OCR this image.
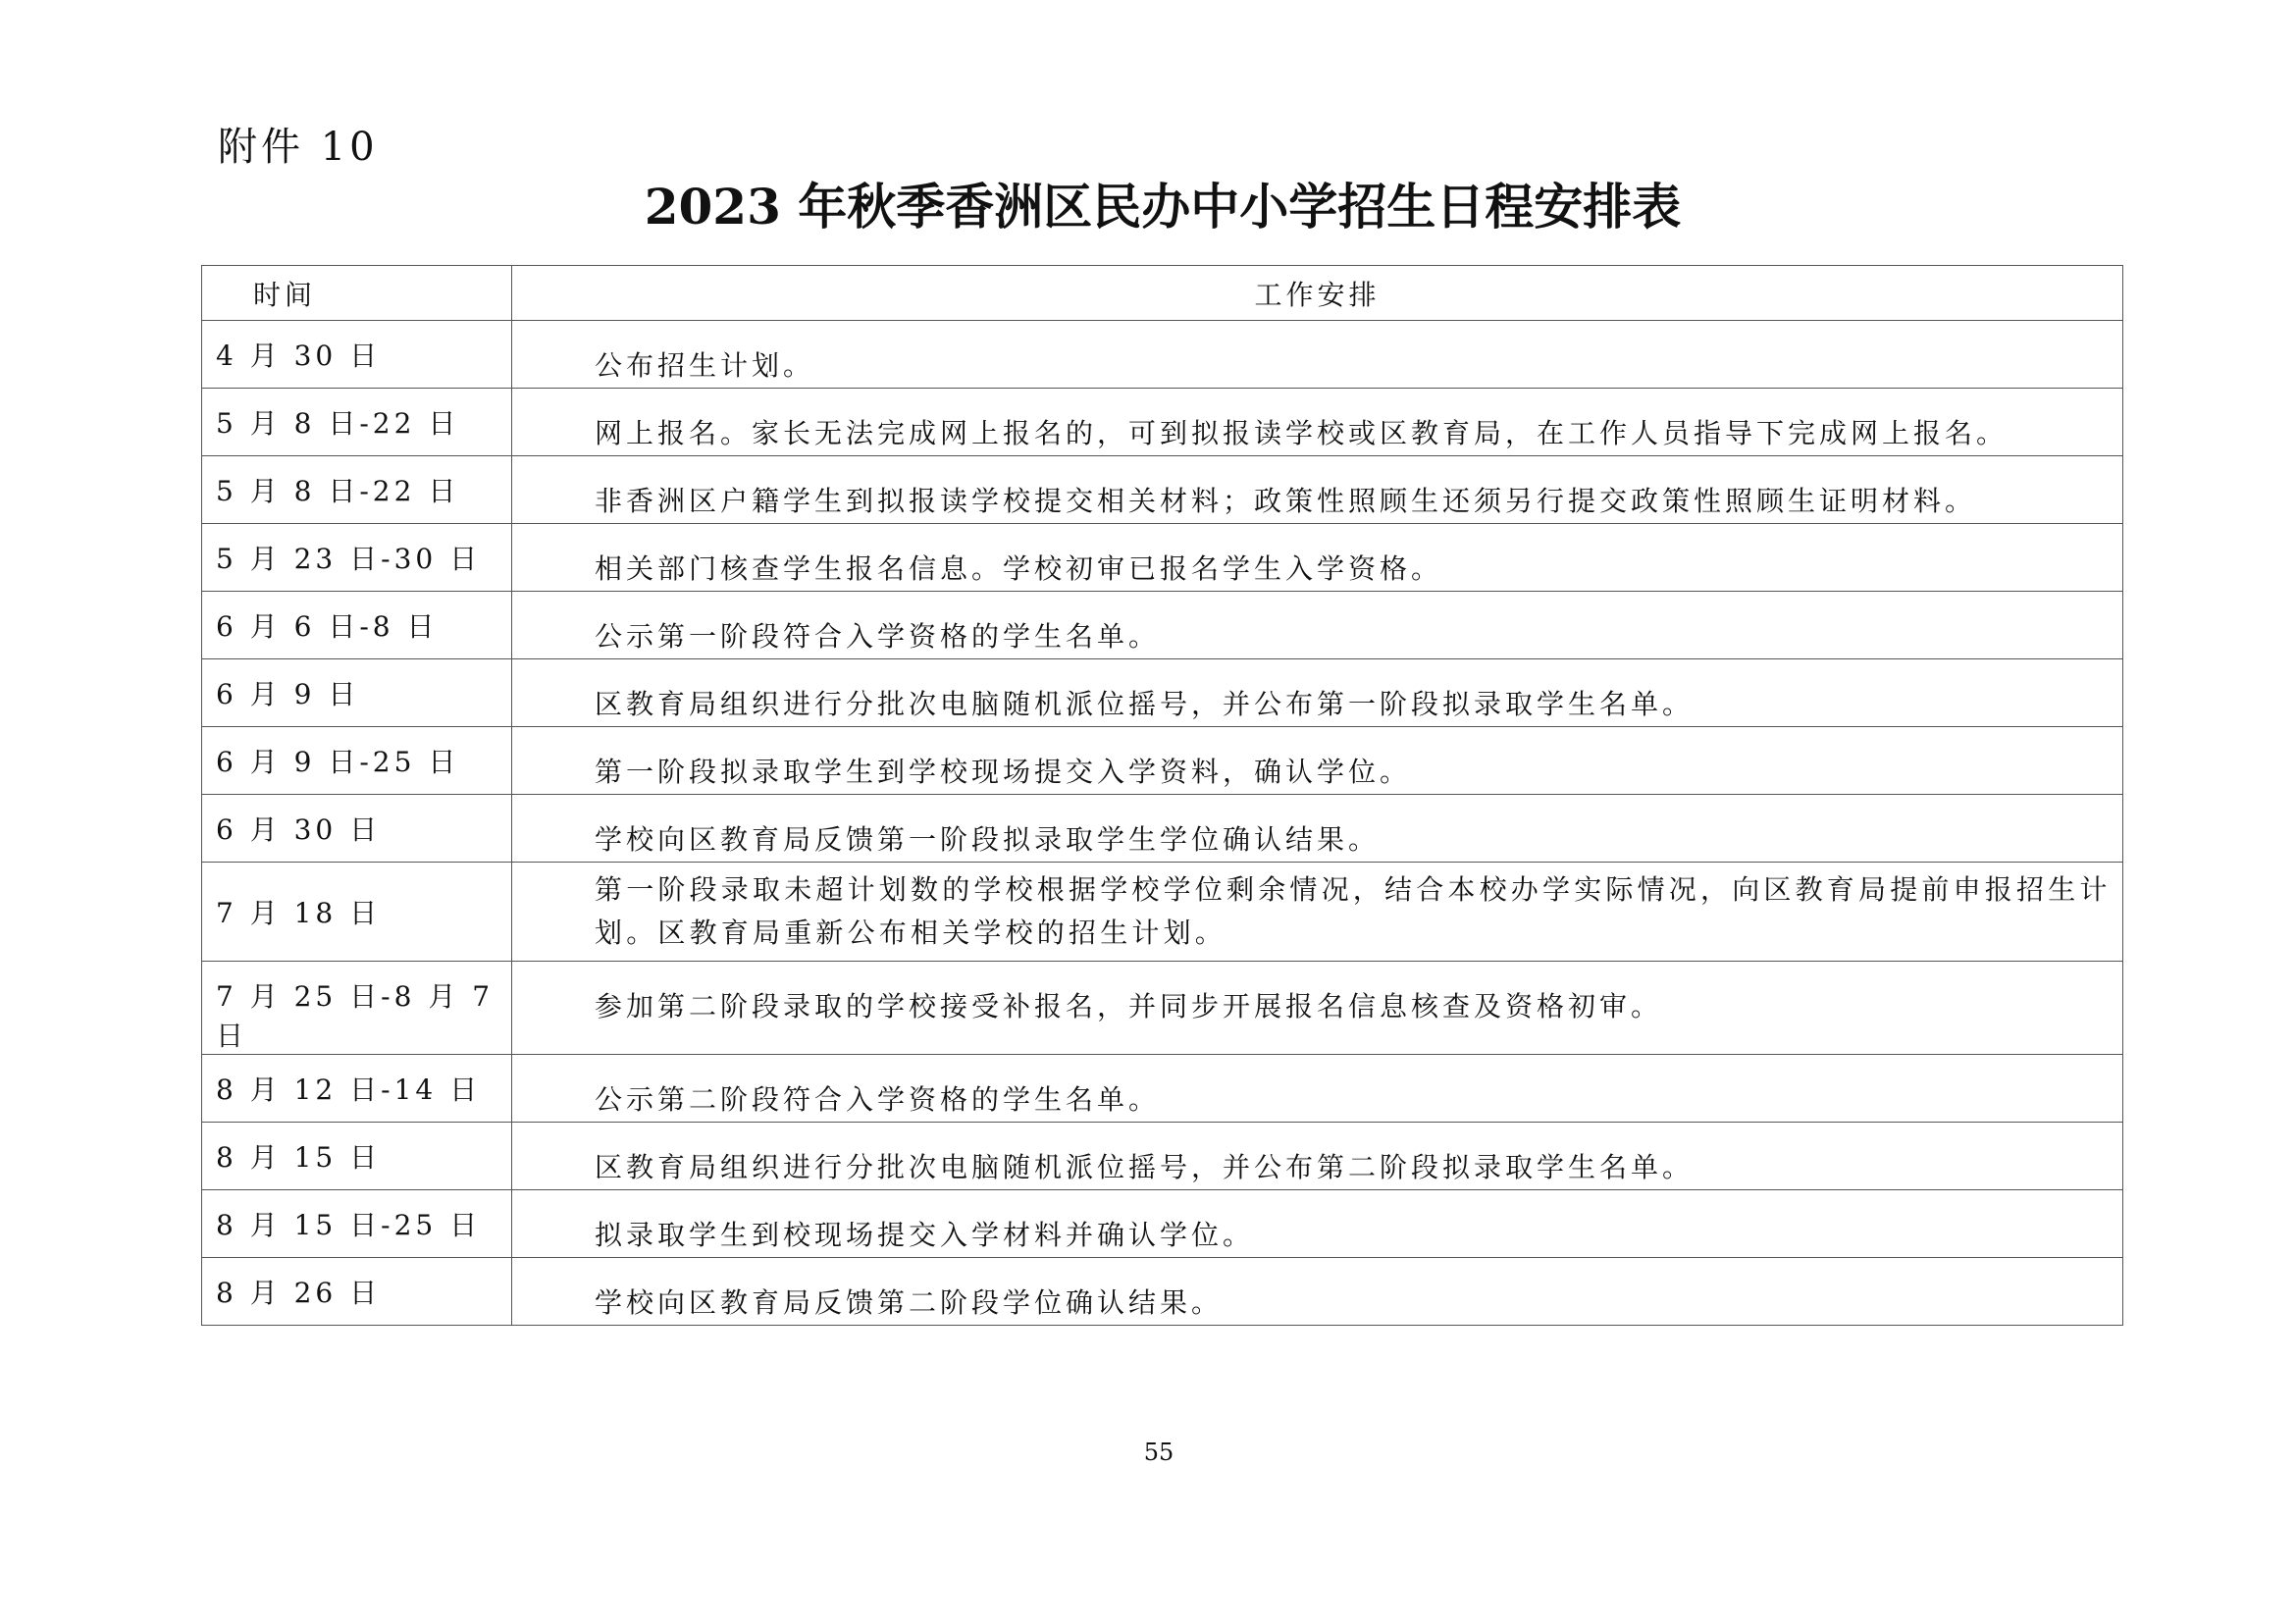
附件 10
2023 年秋季香洲区民办中小学招生日程安排表
时间	工作安排
4 月 30 日	公布招生计划。
5 月 8 日-22 日	网上报名。家长无法完成网上报名的，可到拟报读学校或区教育局，在工作人员指导下完成网上报名。
5 月 8 日-22 日	非香洲区户籍学生到拟报读学校提交相关材料；政策性照顾生还须另行提交政策性照顾生证明材料。
5 月 23 日-30 日	相关部门核查学生报名信息。学校初审已报名学生入学资格。
6 月 6 日-8 日	公示第一阶段符合入学资格的学生名单。
6 月 9 日	区教育局组织进行分批次电脑随机派位摇号，并公布第一阶段拟录取学生名单。
6 月 9 日-25 日	第一阶段拟录取学生到学校现场提交入学资料，确认学位。
6 月 30 日	学校向区教育局反馈第一阶段拟录取学生学位确认结果。
7 月 18 日	第一阶段录取未超计划数的学校根据学校学位剩余情况，结合本校办学实际情况，向区教育局提前申报招生计划。区教育局重新公布相关学校的招生计划。
7 月 25 日-8 月 7 日	参加第二阶段录取的学校接受补报名，并同步开展报名信息核查及资格初审。
8 月 12 日-14 日	公示第二阶段符合入学资格的学生名单。
8 月 15 日	区教育局组织进行分批次电脑随机派位摇号，并公布第二阶段拟录取学生名单。
8 月 15 日-25 日	拟录取学生到校现场提交入学材料并确认学位。
8 月 26 日	学校向区教育局反馈第二阶段学位确认结果。
55
